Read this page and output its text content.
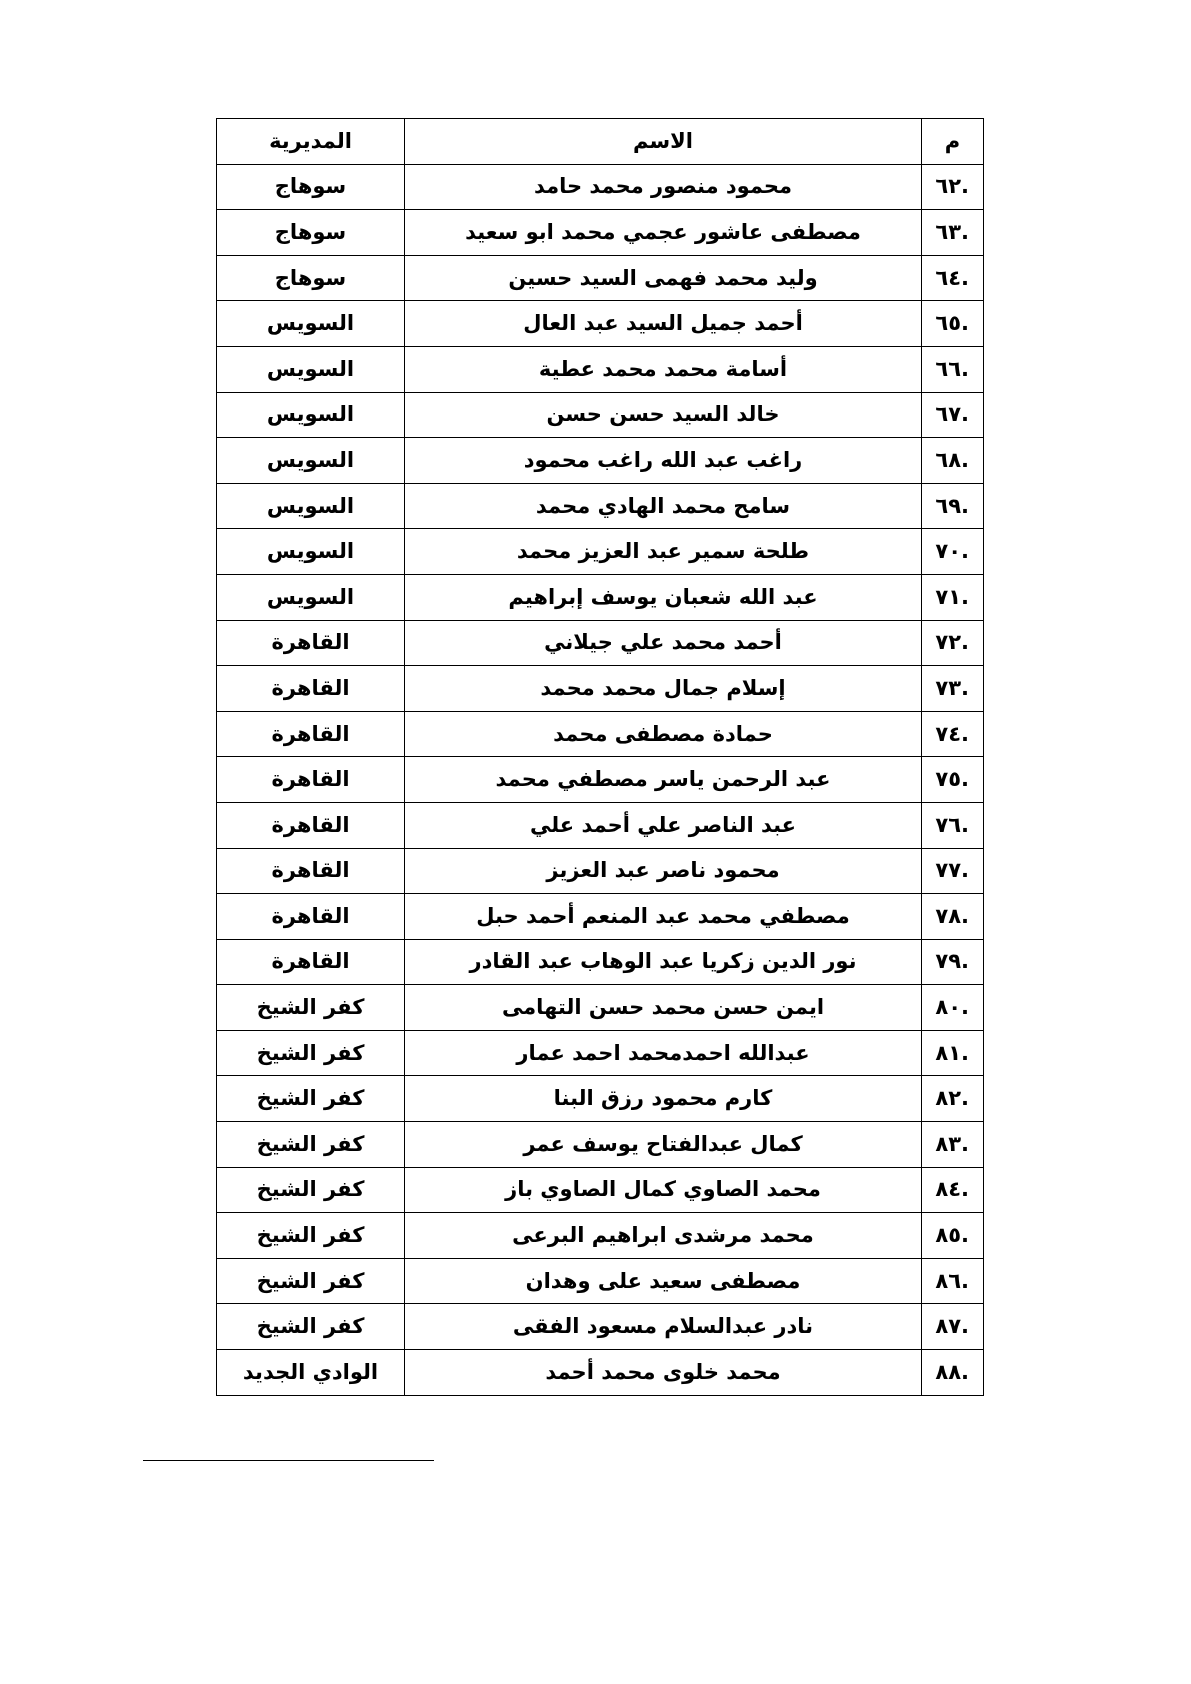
م	الاسم	المديرية
.٦٢	محمود منصور محمد حامد	سوهاج
.٦٣	مصطفى عاشور عجمي محمد ابو سعيد	سوهاج
.٦٤	وليد محمد فهمى السيد حسين	سوهاج
.٦٥	أحمد جميل السيد عبد العال	السويس
.٦٦	أسامة محمد محمد عطية	السويس
.٦٧	خالد السيد حسن حسن	السويس
.٦٨	راغب عبد الله راغب محمود	السويس
.٦٩	سامح محمد الهادي محمد	السويس
.٧٠	طلحة سمير عبد العزيز محمد	السويس
.٧١	عبد الله شعبان يوسف إبراهيم	السويس
.٧٢	أحمد محمد علي جيلاني	القاهرة
.٧٣	إسلام جمال محمد محمد	القاهرة
.٧٤	حمادة مصطفى محمد	القاهرة
.٧٥	عبد الرحمن ياسر مصطفي محمد	القاهرة
.٧٦	عبد الناصر علي أحمد علي	القاهرة
.٧٧	محمود ناصر عبد العزيز	القاهرة
.٧٨	مصطفي محمد عبد المنعم أحمد حبل	القاهرة
.٧٩	نور الدين زكريا عبد الوهاب عبد القادر	القاهرة
.٨٠	ايمن حسن محمد حسن التهامى	كفر الشيخ
.٨١	عبدالله احمدمحمد احمد عمار	كفر الشيخ
.٨٢	كارم محمود رزق البنا	كفر الشيخ
.٨٣	كمال عبدالفتاح يوسف عمر	كفر الشيخ
.٨٤	محمد الصاوي كمال الصاوي باز	كفر الشيخ
.٨٥	محمد مرشدى ابراهيم البرعى	كفر الشيخ
.٨٦	مصطفى سعيد على وهدان	كفر الشيخ
.٨٧	نادر عبدالسلام مسعود الفقى	كفر الشيخ
.٨٨	محمد خلوى محمد أحمد	الوادي الجديد
